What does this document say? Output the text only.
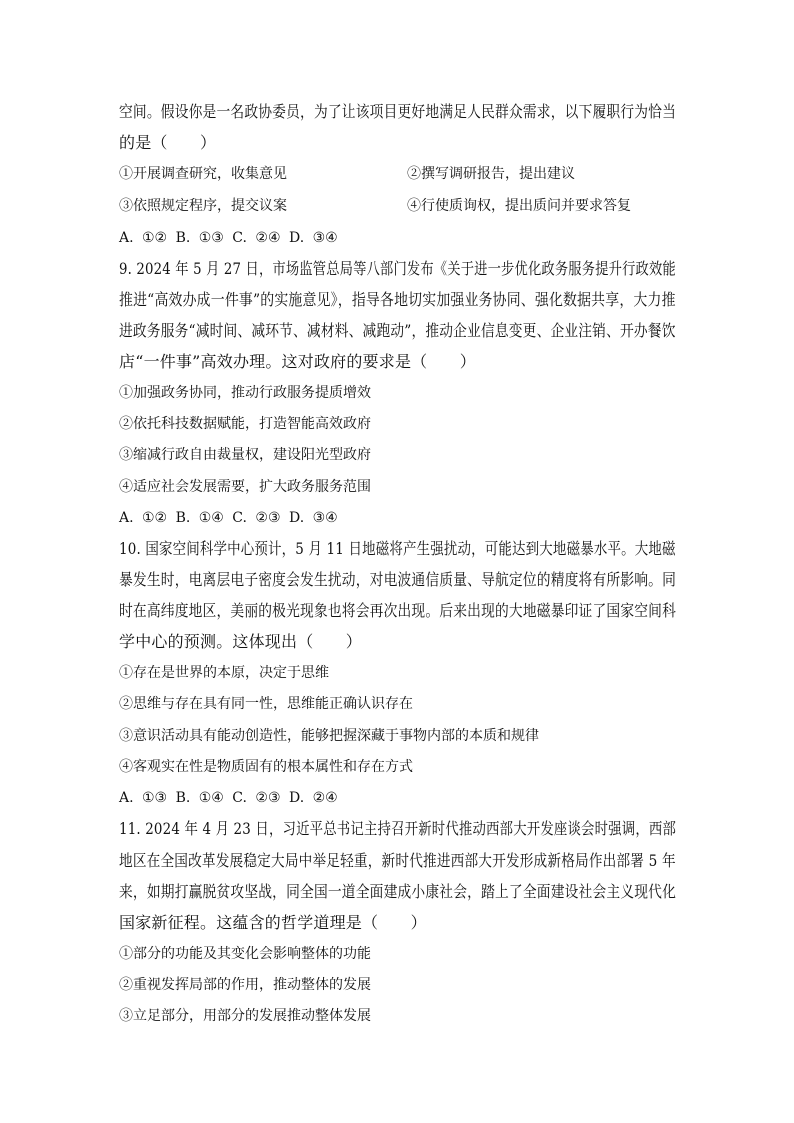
空间。假设你是一名政协委员，为了让该项目更好地满足人民群众需求，以下履职行为恰当
的是（　　）
①开展调查研究，收集意见	②撰写调研报告，提出建议
③依照规定程序，提交议案	④行使质询权，提出质问并要求答复
A. ①② B. ①③ C. ②④ D. ③④
9. 2024 年 5 月 27 日，市场监管总局等八部门发布《关于进一步优化政务服务提升行政效能
推进“高效办成一件事”的实施意见》，指导各地切实加强业务协同、强化数据共享，大力推
进政务服务“减时间、减环节、减材料、减跑动”，推动企业信息变更、企业注销、开办餐饮
店“一件事”高效办理。这对政府的要求是（　　）
①加强政务协同，推动行政服务提质增效
②依托科技数据赋能，打造智能高效政府
③缩减行政自由裁量权，建设阳光型政府
④适应社会发展需要，扩大政务服务范围
A. ①② B. ①④ C. ②③ D. ③④
10. 国家空间科学中心预计，5 月 11 日地磁将产生强扰动，可能达到大地磁暴水平。大地磁
暴发生时，电离层电子密度会发生扰动，对电波通信质量、导航定位的精度将有所影响。同
时在高纬度地区，美丽的极光现象也将会再次出现。后来出现的大地磁暴印证了国家空间科
学中心的预测。这体现出（　　）
①存在是世界的本原，决定于思维
②思维与存在具有同一性，思维能正确认识存在
③意识活动具有能动创造性，能够把握深藏于事物内部的本质和规律
④客观实在性是物质固有的根本属性和存在方式
A. ①③ B. ①④ C. ②③ D. ②④
11. 2024 年 4 月 23 日，习近平总书记主持召开新时代推动西部大开发座谈会时强调，西部
地区在全国改革发展稳定大局中举足轻重，新时代推进西部大开发形成新格局作出部署 5 年
来，如期打赢脱贫攻坚战，同全国一道全面建成小康社会，踏上了全面建设社会主义现代化
国家新征程。这蕴含的哲学道理是（　　）
①部分的功能及其变化会影响整体的功能
②重视发挥局部的作用，推动整体的发展
③立足部分，用部分的发展推动整体发展
